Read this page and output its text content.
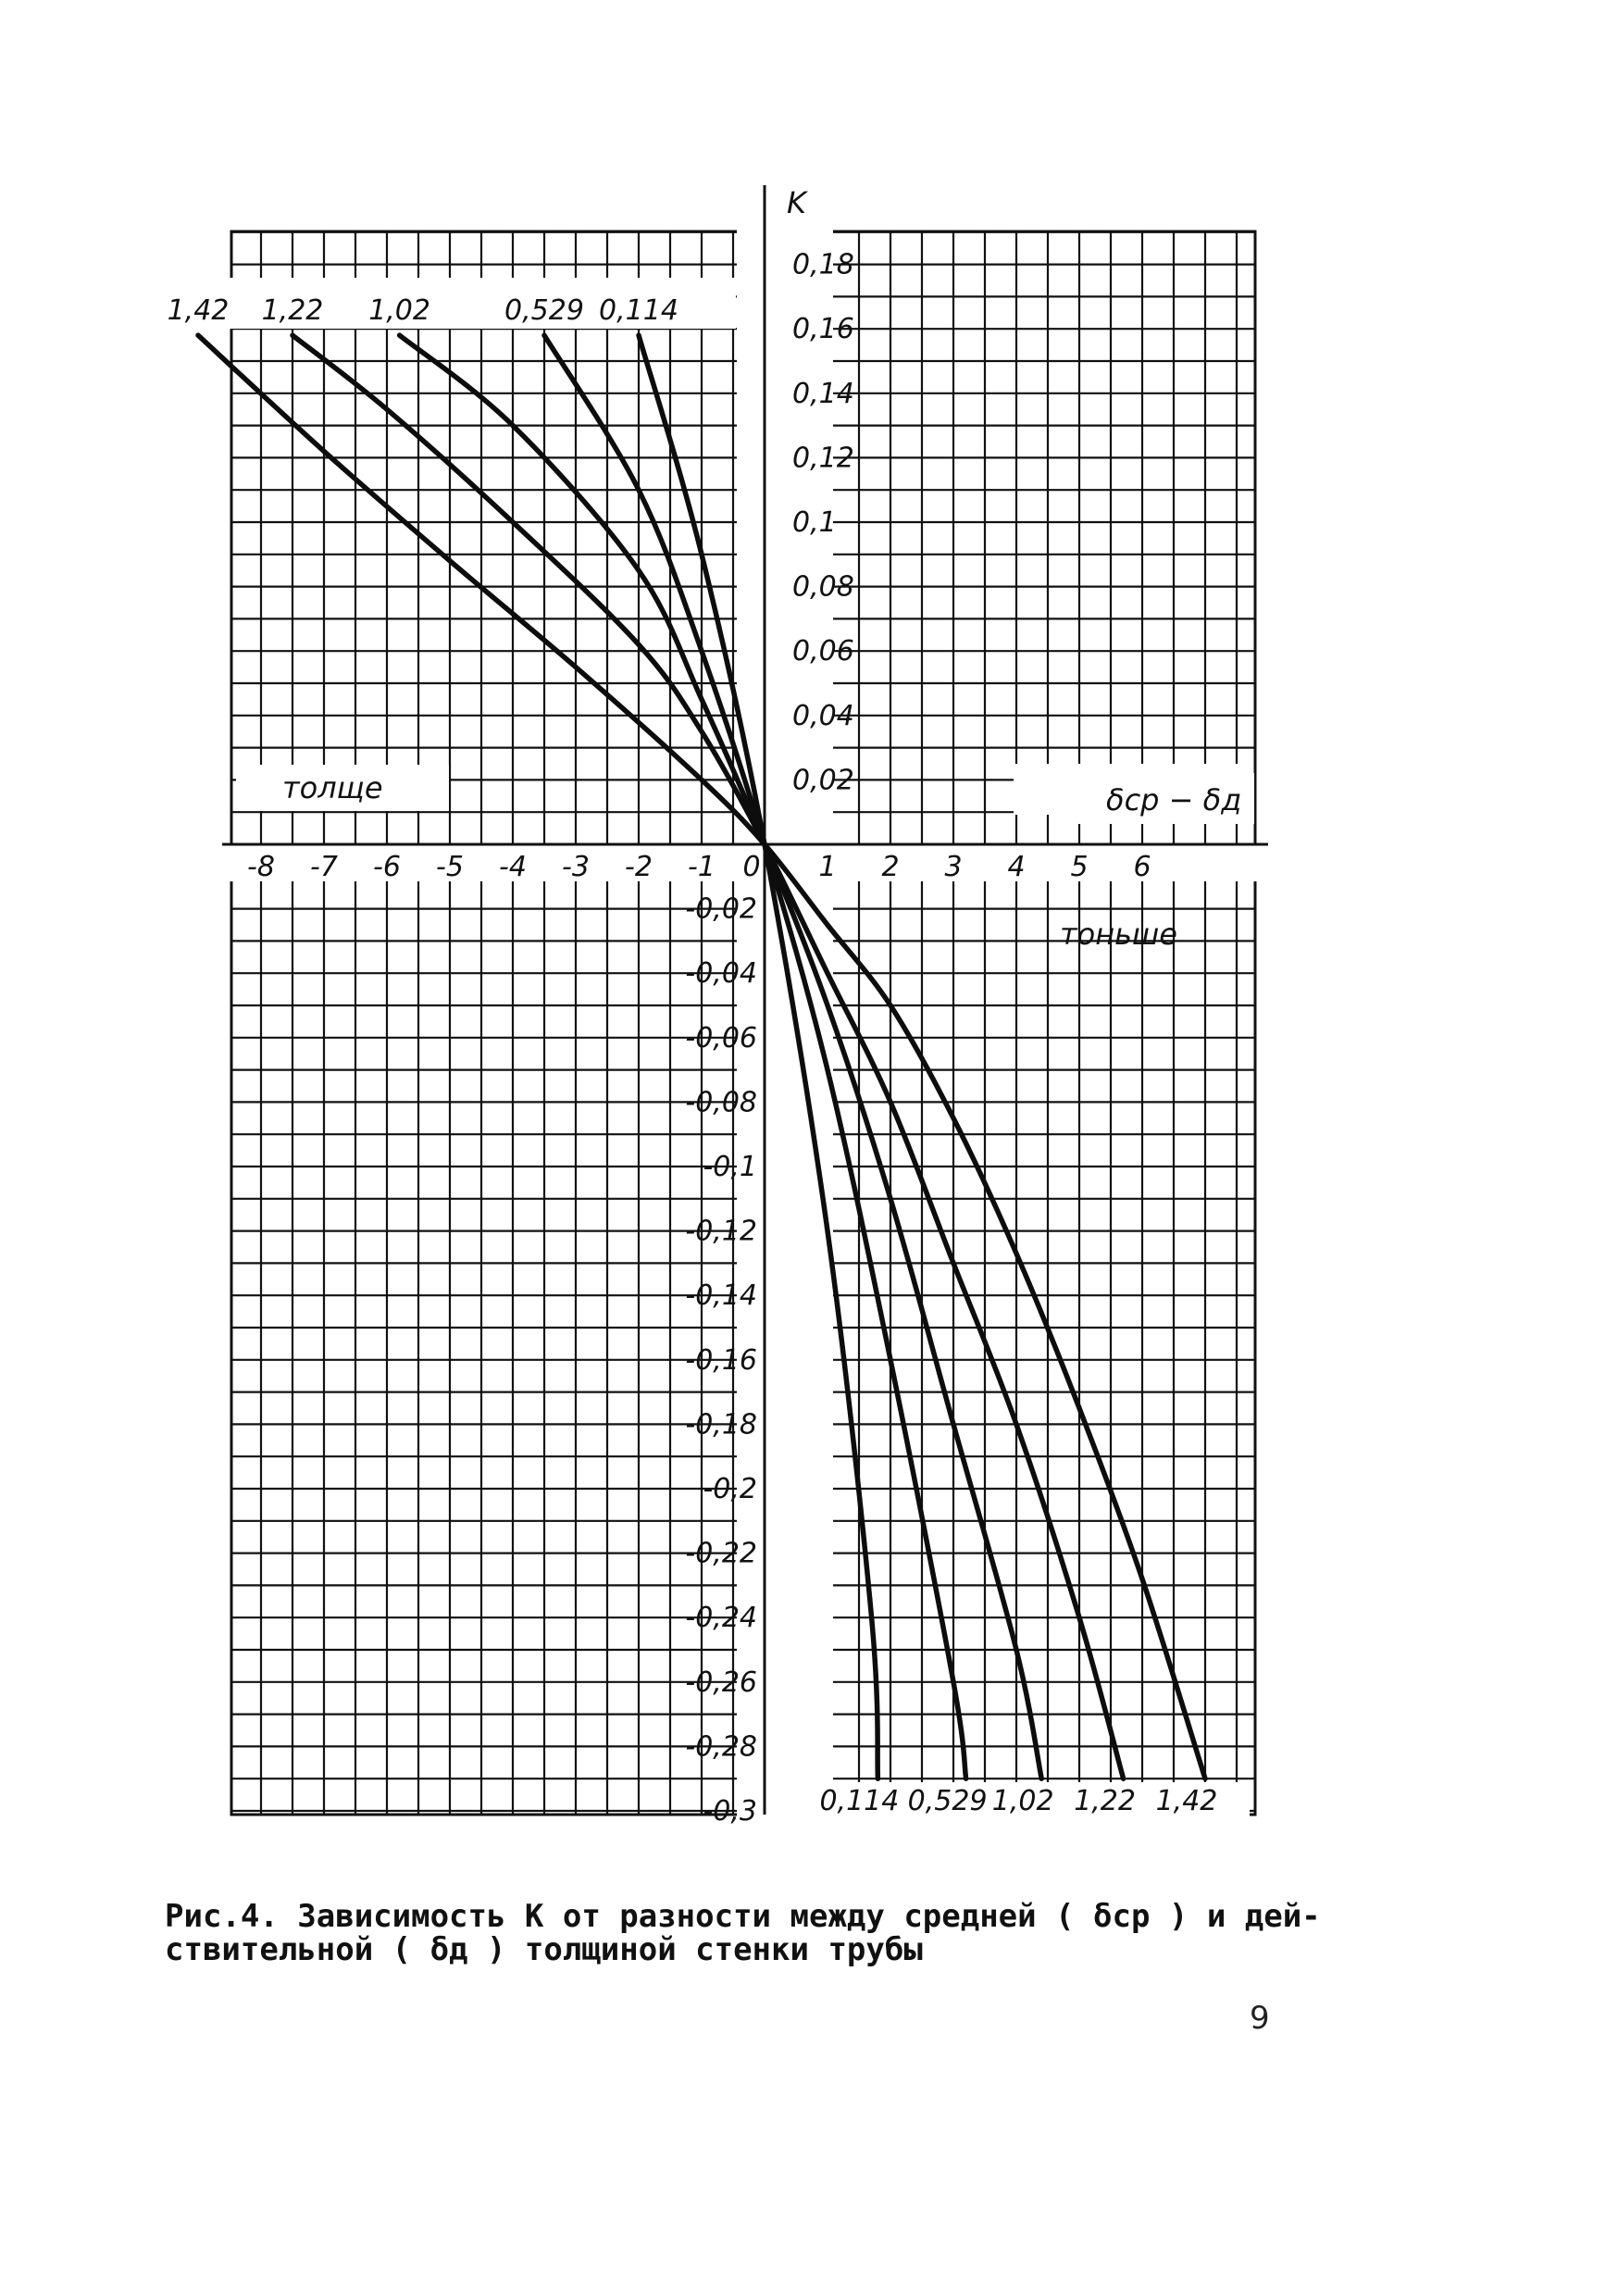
0,18
0,16
0,14
0,12
0,1
0,08
0,06
0,04
0,02
-0,02
-0,04
-0,06
-0,08
-0,1
-0,12
-0,14
-0,16
-0,18
-0,2
-0,22
-0,24
-0,26
-0,28
-0,3
-8 -7 -6 -5 -4 -3 -2 -1 0 1 2 3 4 5 6
1,42 1,22 1,02	0,529 0,114
1,42
1,22
1,02
0,529
0,114
K
δср − δд
толще
тоньше
Рис.4. Зависимость К от разности между средней ( δср ) и дей-
ствительной ( δд ) толщиной стенки трубы
9
